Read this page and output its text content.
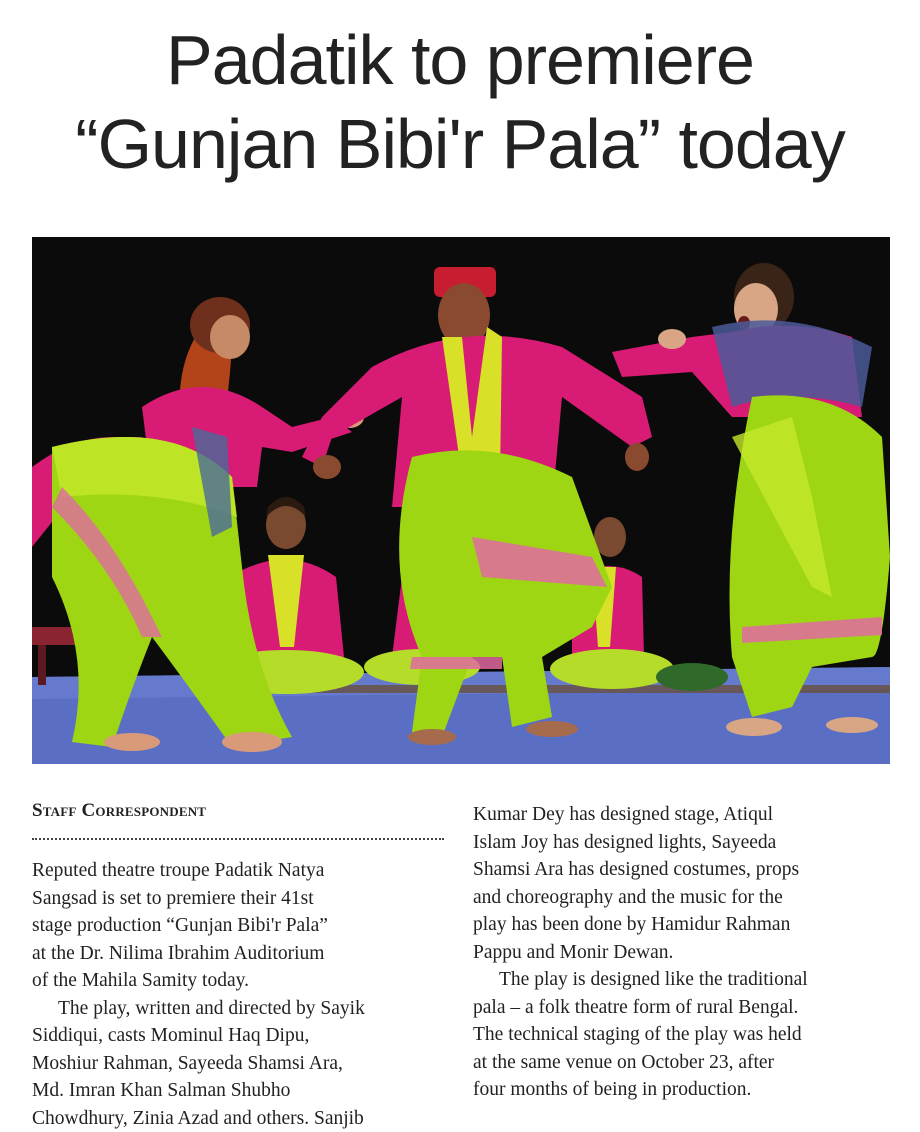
Padatik to premiere
“Gunjan Bibi'r Pala” today
Staff Correspondent

Reputed theatre troupe Padatik Natya

Sangsad is set to premiere their 41st

stage production “Gunjan Bibi'r Pala”

at the Dr. Nilima Ibrahim Auditorium

of the Mahila Samity today.

The play, written and directed by Sayik

Siddiqui, casts Mominul Haq Dipu,

Moshiur Rahman, Sayeeda Shamsi Ara,

Md. Imran Khan Salman Shubho

Chowdhury, Zinia Azad and others. Sanjib

Kumar Dey has designed stage, Atiqul

Islam Joy has designed lights, Sayeeda

Shamsi Ara has designed costumes, props

and choreography and the music for the

play has been done by Hamidur Rahman

Pappu and Monir Dewan.

The play is designed like the traditional

pala – a folk theatre form of rural Bengal.

The technical staging of the play was held

at the same venue on October 23, after

four months of being in production.
